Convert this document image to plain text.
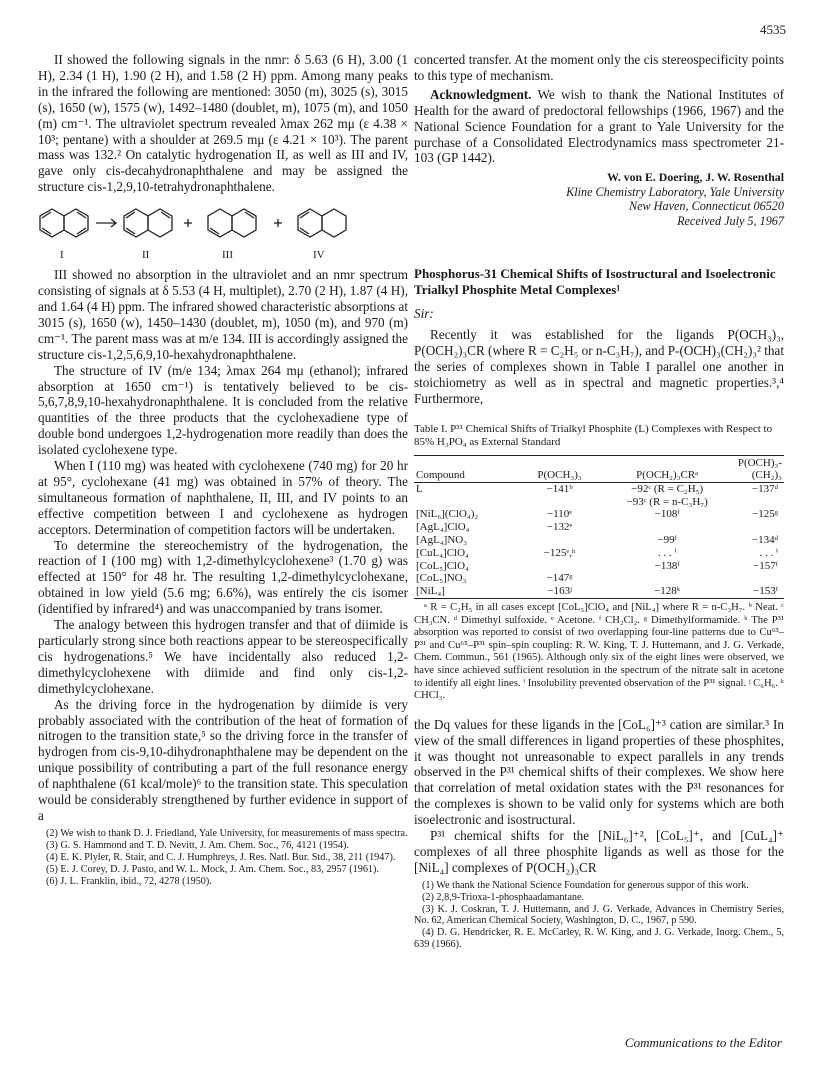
4535

II showed the following signals in the nmr: δ 5.63 (6 H), 3.00 (1 H), 2.34 (1 H), 1.90 (2 H), and 1.58 (2 H) ppm. Among many peaks in the infrared the following are mentioned: 3050 (m), 3025 (s), 3015 (s), 1650 (w), 1575 (w), 1492–1480 (doublet, m), 1075 (m), and 1050 (m) cm⁻¹. The ultraviolet spectrum revealed λmax 262 mμ (ε 4.38 × 10³; pentane) with a shoulder at 269.5 mμ (ε 4.21 × 10³). The parent mass was 132.² On catalytic hydrogenation II, as well as III and IV, gave only cis-decahydronaphthalene and may be assigned the structure cis-1,2,9,10-tetrahydronaphthalene.

I	II	III	IV

III showed no absorption in the ultraviolet and an nmr spectrum consisting of signals at δ 5.53 (4 H, multiplet), 2.70 (2 H), 1.87 (4 H), and 1.64 (4 H) ppm. The infrared showed characteristic absorptions at 3015 (s), 1650 (w), 1450–1430 (doublet, m), 1050 (m), and 970 (m) cm⁻¹. The parent mass was at m/e 134. III is accordingly assigned the structure cis-1,2,5,6,9,10-hexahydronaphthalene.

The structure of IV (m/e 134; λmax 264 mμ (ethanol); infrared absorption at 1650 cm⁻¹) is tentatively believed to be cis-5,6,7,8,9,10-hexahydronaphthalene. It is concluded from the relative quantities of the three products that the cyclohexadiene type of double bond undergoes 1,2-hydrogenation more readily than does the isolated cyclohexene type.

When I (110 mg) was heated with cyclohexene (740 mg) for 20 hr at 95°, cyclohexane (41 mg) was obtained in 57% of theory. The simultaneous formation of naphthalene, II, III, and IV points to an effective competition between I and cyclohexene as hydrogen acceptors. Determination of competition factors will be undertaken.

To determine the stereochemistry of the hydrogenation, the reaction of I (100 mg) with 1,2-dimethylcyclohexene³ (1.70 g) was effected at 150° for 48 hr. The resulting 1,2-dimethylcyclohexane, obtained in low yield (5.6 mg; 6.6%), was entirely the cis isomer (identified by infrared⁴) and was unaccompanied by trans isomer.

The analogy between this hydrogen transfer and that of diimide is particularly strong since both reactions appear to be stereospecifically cis hydrogenations.⁵ We have incidentally also reduced 1,2-dimethylcyclohexene with diimide and find only cis-1,2-dimethylcyclohexane.

As the driving force in the hydrogenation by diimide is very probably associated with the contribution of the heat of formation of nitrogen to the transition state,⁵ so the driving force in the transfer of hydrogen from cis-9,10-dihydronaphthalene may be dependent on the unique possibility of contributing a part of the full resonance energy of naphthalene (61 kcal/mole)⁶ to the transition state. This speculation would be considerably strengthened by further evidence in support of a

(2) We wish to thank D. J. Friedland, Yale University, for measurements of mass spectra.
(3) G. S. Hammond and T. D. Nevitt, J. Am. Chem. Soc., 76, 4121 (1954).
(4) E. K. Plyler, R. Stair, and C. J. Humphreys, J. Res. Natl. Bur. Std., 38, 211 (1947).
(5) E. J. Corey, D. J. Pasto, and W. L. Mock, J. Am. Chem. Soc., 83, 2957 (1961).
(6) J. L. Franklin, ibid., 72, 4278 (1950).

concerted transfer. At the moment only the cis stereospecificity points to this type of mechanism.

Acknowledgment. We wish to thank the National Institutes of Health for the award of predoctoral fellowships (1966, 1967) and the National Science Foundation for a grant to Yale University for the purchase of a Consolidated Electrodynamics mass spectrometer 21-103 (GP 1442).

W. von E. Doering, J. W. Rosenthal
Kline Chemistry Laboratory, Yale University
New Haven, Connecticut 06520
Received July 5, 1967

Phosphorus-31 Chemical Shifts of Isostructural and Isoelectronic Trialkyl Phosphite Metal Complexes¹

Sir:

Recently it was established for the ligands P(OCH₃)₃, P(OCH₂)₃CR (where R = C₂H₅ or n-C₃H₇), and P-(OCH)₃(CH₂)₃² that the series of complexes shown in Table I parallel one another in stoichiometry as well as in spectral and magnetic properties.³,⁴ Furthermore,

Table I. P³¹ Chemical Shifts of Trialkyl Phosphite (L) Complexes with Respect to 85% H₃PO₄ as External Standard

Compound	P(OCH₃)₃	P(OCH₂)₃CRᵃ	P(OCH)₃-(CH₂)₃
L	−141ᵇ	−92ᶜ (R = C₂H₅)	−137ᵈ
		−93ᶜ (R = n-C₃H₇)	
[NiL₆](ClO₄)₂	−110ᵉ	−108ᶠ	−125ᵍ
[AgL₄]ClO₄	−132ᵉ		
[AgL₄]NO₃		−99ᶠ	−134ᵈ
[CuL₄]ClO₄	−125ᵉ,ʰ	. . . ⁱ	. . . ⁱ
[CoL₅]ClO₄		−138ᶠ	−157ᶠ
[CoL₅]NO₃	−147ᵍ		
[NiL₄]	−163ʲ	−128ᵏ	−153ᶠ

ᵃ R = C₂H₅ in all cases except [CoL₅]ClO₄ and [NiL₄] where R = n-C₃H₇. ᵇ Neat. ᶜ CH₃CN. ᵈ Dimethyl sulfoxide. ᵉ Acetone. ᶠ CH₂Cl₂. ᵍ Dimethylformamide. ʰ The P³¹ absorption was reported to consist of two overlapping four-line patterns due to Cu⁶³–P³¹ and Cu⁶⁵–P³¹ spin–spin coupling: R. W. King, T. J. Huttemann, and J. G. Verkade, Chem. Commun., 561 (1965). Although only six of the eight lines were observed, we have since achieved sufficient resolution in the spectrum of the nitrate salt in acetone to identify all eight lines. ⁱ Insolubility prevented observation of the P³¹ signal. ʲ C₆H₆. ᵏ CHCl₃.

the Dq values for these ligands in the [CoL₆]⁺³ cation are similar.³ In view of the small differences in ligand properties of these phosphites, it was thought not unreasonable to expect parallels in any trends observed in the P³¹ chemical shifts of their complexes. We show here that correlation of metal oxidation states with the P³¹ resonances for the complexes is shown to be valid only for systems which are both isoelectronic and isostructural.

P³¹ chemical shifts for the [NiL₆]⁺², [CoL₅]⁺, and [CuL₄]⁺ complexes of all three phosphite ligands as well as those for the [NiL₄] complexes of P(OCH₂)₃CR

(1) We thank the National Science Foundation for generous suppor of this work.
(2) 2,8,9-Trioxa-1-phosphaadamantane.
(3) K. J. Coskran, T. J. Huttemann, and J. G. Verkade, Advances in Chemistry Series, No. 62, American Chemical Society, Washington, D. C., 1967, p 590.
(4) D. G. Hendricker, R. E. McCarley, R. W. King, and J. G. Verkade, Inorg. Chem., 5, 639 (1966).
Communications to the Editor
